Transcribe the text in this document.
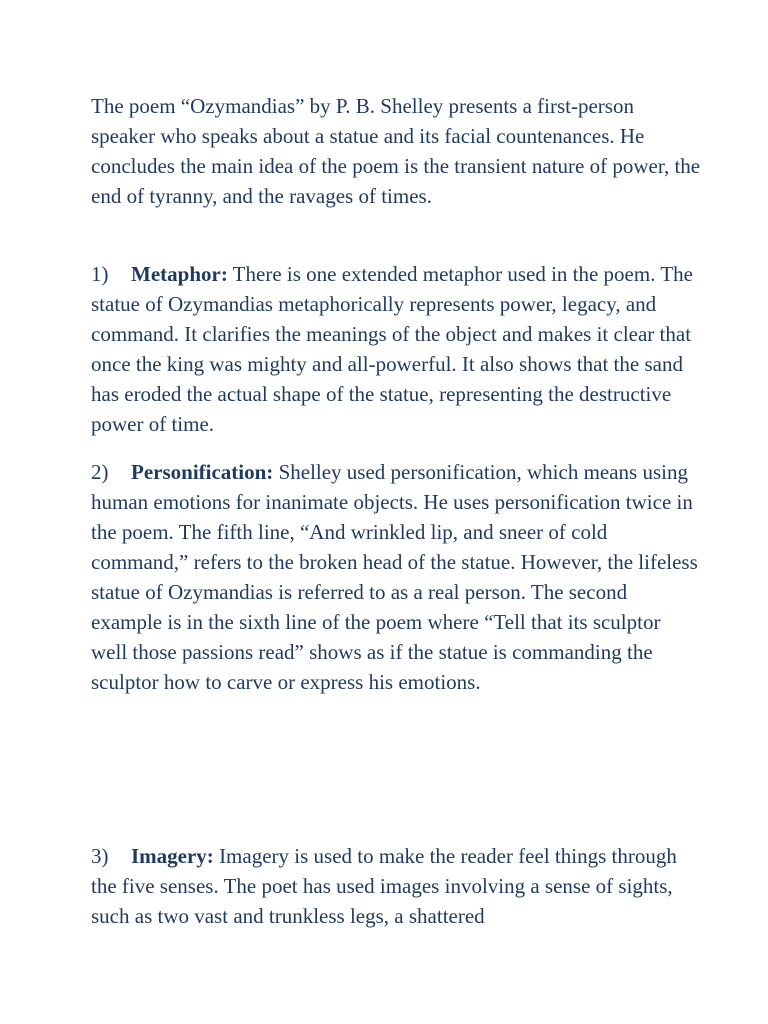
The poem “Ozymandias” by P. B. Shelley presents a first-person speaker who speaks about a statue and its facial countenances. He concludes the main idea of the poem is the transient nature of power, the end of tyranny, and the ravages of times.

1) Metaphor: There is one extended metaphor used in the poem. The statue of Ozymandias metaphorically represents power, legacy, and command. It clarifies the meanings of the object and makes it clear that once the king was mighty and all-powerful. It also shows that the sand has eroded the actual shape of the statue, representing the destructive power of time.

2) Personification: Shelley used personification, which means using human emotions for inanimate objects. He uses personification twice in the poem. The fifth line, “And wrinkled lip, and sneer of cold command,” refers to the broken head of the statue. However, the lifeless statue of Ozymandias is referred to as a real person. The second example is in the sixth line of the poem where “Tell that its sculptor well those passions read” shows as if the statue is commanding the sculptor how to carve or express his emotions.

3) Imagery: Imagery is used to make the reader feel things through the five senses. The poet has used images involving a sense of sights, such as two vast and trunkless legs, a shattered
